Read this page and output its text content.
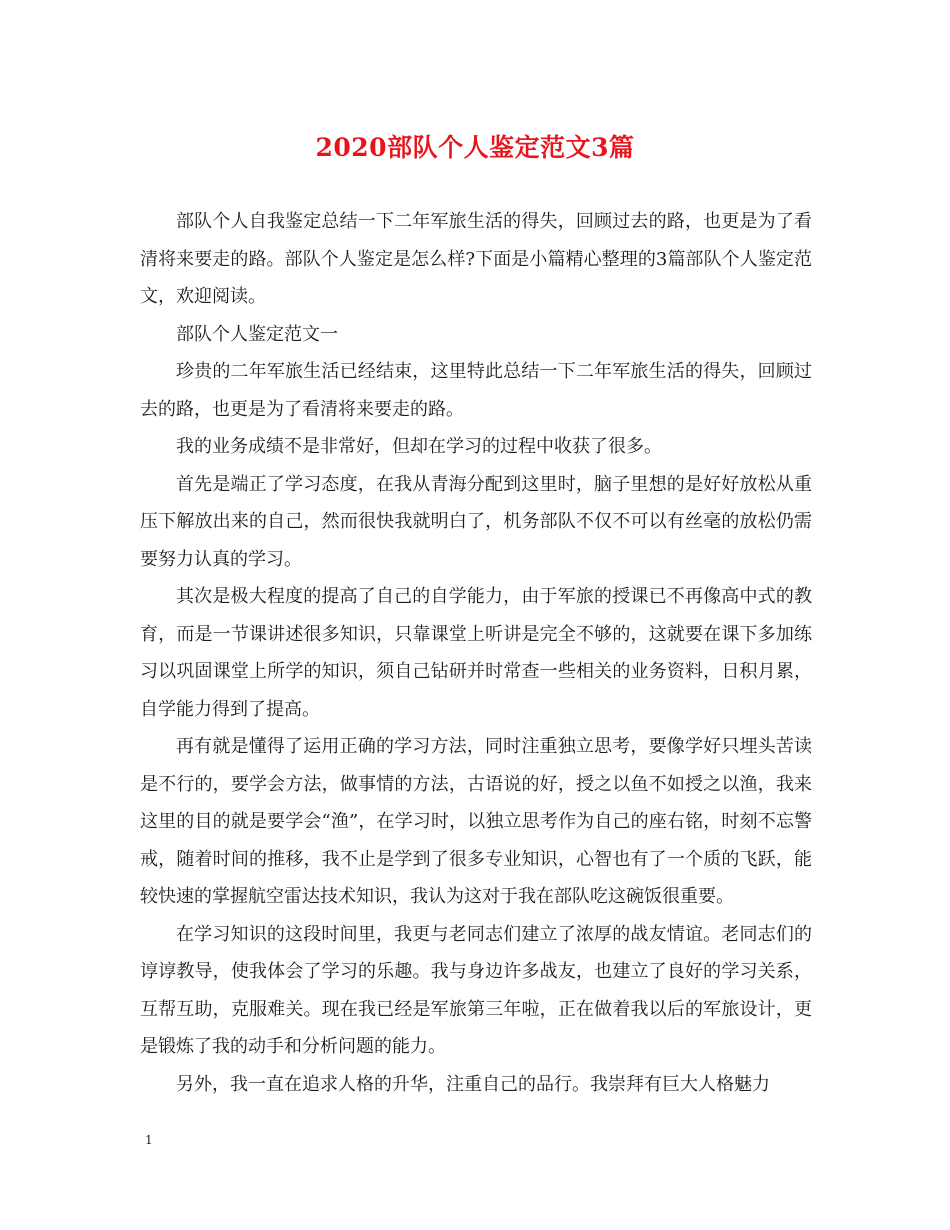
2020部队个人鉴定范文3篇

部队个人自我鉴定总结一下二年军旅生活的得失，回顾过去的路，也更是为了看清将来要走的路。部队个人鉴定是怎么样?下面是小篇精心整理的3篇部队个人鉴定范文，欢迎阅读。

部队个人鉴定范文一

珍贵的二年军旅生活已经结束，这里特此总结一下二年军旅生活的得失，回顾过去的路，也更是为了看清将来要走的路。

我的业务成绩不是非常好，但却在学习的过程中收获了很多。

首先是端正了学习态度，在我从青海分配到这里时，脑子里想的是好好放松从重压下解放出来的自己，然而很快我就明白了，机务部队不仅不可以有丝毫的放松仍需要努力认真的学习。

其次是极大程度的提高了自己的自学能力，由于军旅的授课已不再像高中式的教育，而是一节课讲述很多知识，只靠课堂上听讲是完全不够的，这就要在课下多加练习以巩固课堂上所学的知识，须自己钻研并时常查一些相关的业务资料，日积月累，自学能力得到了提高。

再有就是懂得了运用正确的学习方法，同时注重独立思考，要像学好只埋头苦读是不行的，要学会方法，做事情的方法，古语说的好，授之以鱼不如授之以渔，我来这里的目的就是要学会“渔”，在学习时，以独立思考作为自己的座右铭，时刻不忘警戒，随着时间的推移，我不止是学到了很多专业知识，心智也有了一个质的飞跃，能较快速的掌握航空雷达技术知识，我认为这对于我在部队吃这碗饭很重要。

在学习知识的这段时间里，我更与老同志们建立了浓厚的战友情谊。老同志们的谆谆教导，使我体会了学习的乐趣。我与身边许多战友，也建立了良好的学习关系，互帮互助，克服难关。现在我已经是军旅第三年啦，正在做着我以后的军旅设计，更是锻炼了我的动手和分析问题的能力。

另外，我一直在追求人格的升华，注重自己的品行。我崇拜有巨大人格魅力

1
